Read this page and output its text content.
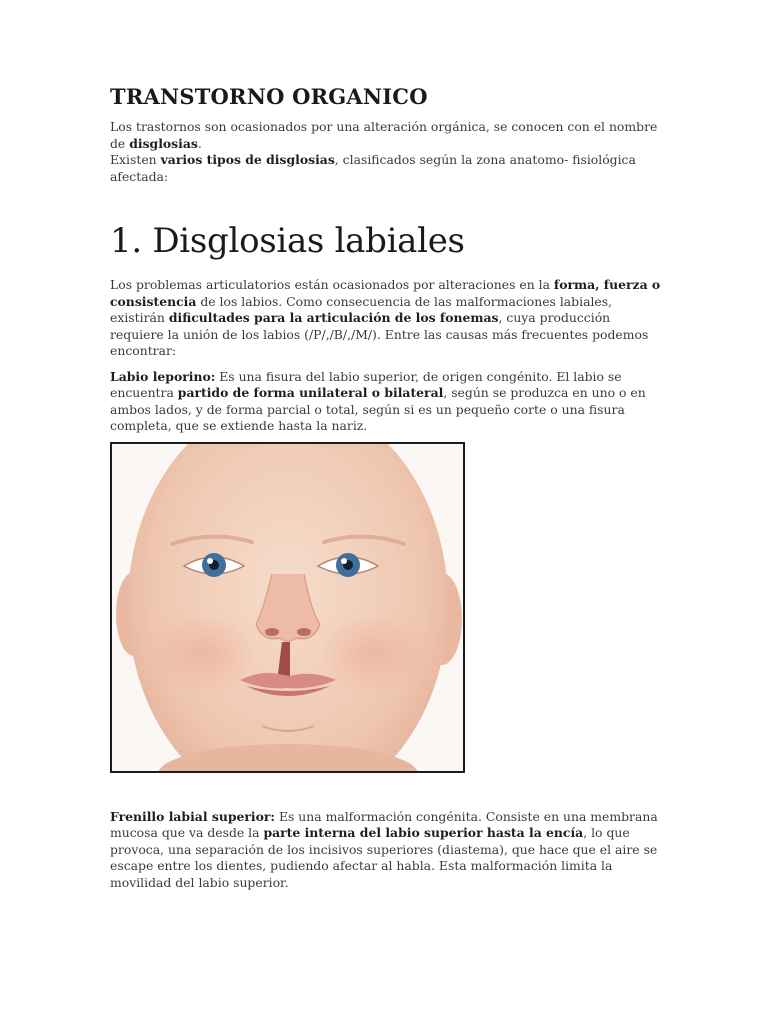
TRANSTORNO ORGANICO

Los trastornos son ocasionados por una alteración orgánica, se conocen con el nombre de disglosias.

Existen varios tipos de disglosias, clasificados según la zona anatomo- fisiológica afectada:

1. Disglosias labiales

Los problemas articulatorios están ocasionados por alteraciones en la forma, fuerza o consistencia de los labios. Como consecuencia de las malformaciones labiales, existirán dificultades para la articulación de los fonemas, cuya producción requiere la unión de los labios (/P/,/B/,/M/). Entre las causas más frecuentes podemos encontrar:

Labio leporino: Es una fisura del labio superior, de origen congénito. El labio se encuentra partido de forma unilateral o bilateral, según se produzca en uno o en ambos lados, y de forma parcial o total, según si es un pequeño corte o una fisura completa, que se extiende hasta la nariz.

Frenillo labial superior: Es una malformación congénita. Consiste en una membrana mucosa que va desde la parte interna del labio superior hasta la encía, lo que provoca, una separación de los incisivos superiores (diastema), que hace que el aire se escape entre los dientes, pudiendo afectar al habla. Esta malformación limita la movilidad del labio superior.
